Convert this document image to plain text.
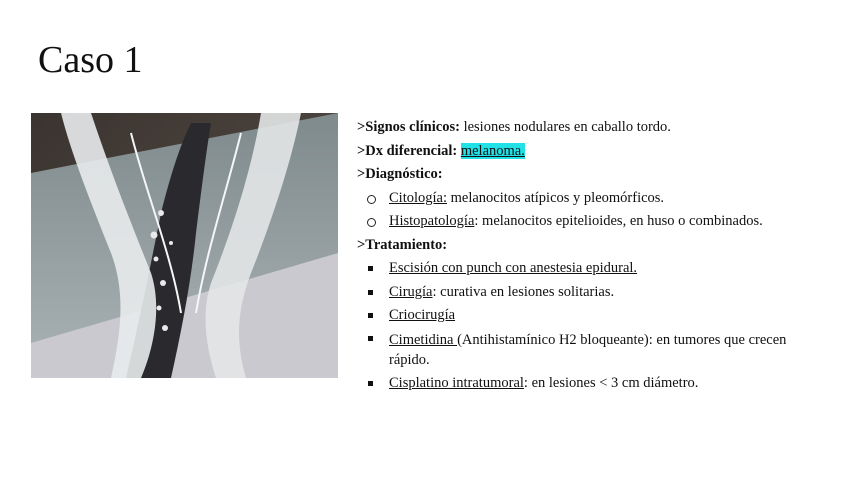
Caso 1
>Signos clínicos: lesiones nodulares en caballo tordo.
>Dx diferencial: melanoma.
>Diagnóstico:
Citología: melanocitos atípicos y pleomórficos.
Histopatología: melanocitos epitelioides, en huso o combinados.
>Tratamiento:
Escisión con punch con anestesia epidural.
Cirugía: curativa en lesiones solitarias.
Criocirugía
Cimetidina (Antihistamínico H2 bloqueante): en tumores que crecen rápido.
Cisplatino intratumoral: en lesiones < 3 cm diámetro.
